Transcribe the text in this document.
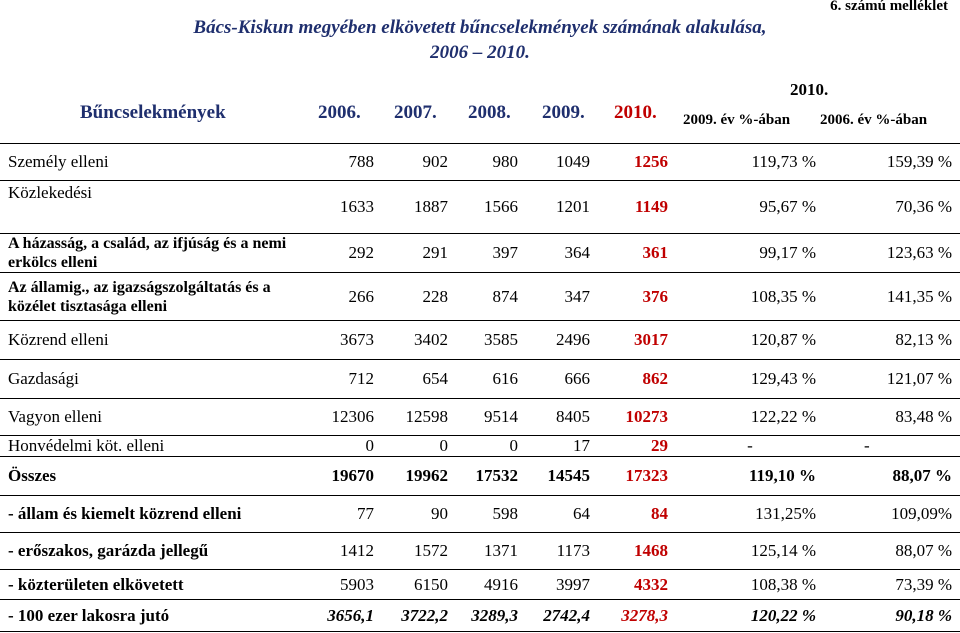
6. számú melléklet
Bács-Kiskun megyében elkövetett bűncselekmények számának alakulása,
2006 – 2010.
Bűncselekmények	2006. 2007. 2008. 2009. 2010.
2010.
2009. év %-ában 2006. év %-ában
Személy elleni	788	902	980	1049	1256	119,73 %	159,39 %
Közlekedési	1633	1887	1566	1201	1149	95,67 %	70,36 %
A házasság, a család, az ifjúság és a nemi erkölcs elleni	292	291	397	364	361	99,17 %	123,63 %
Az államig., az igazságszolgáltatás és a közélet tisztasága elleni	266	228	874	347	376	108,35 %	141,35 %
Közrend elleni	3673	3402	3585	2496	3017	120,87 %	82,13 %
Gazdasági	712	654	616	666	862	129,43 %	121,07 %
Vagyon elleni	12306	12598	9514	8405	10273	122,22 %	83,48 %
Honvédelmi köt. elleni	0	0	0	17	29	-	-
Összes	19670	19962	17532	14545	17323	119,10 %	88,07 %
- állam és kiemelt közrend elleni	77	90	598	64	84	131,25%	109,09%
- erőszakos, garázda jellegű	1412	1572	1371	1173	1468	125,14 %	88,07 %
- közterületen elkövetett	5903	6150	4916	3997	4332	108,38 %	73,39 %
- 100 ezer lakosra jutó	3656,1	3722,2	3289,3	2742,4	3278,3	120,22 %	90,18 %
